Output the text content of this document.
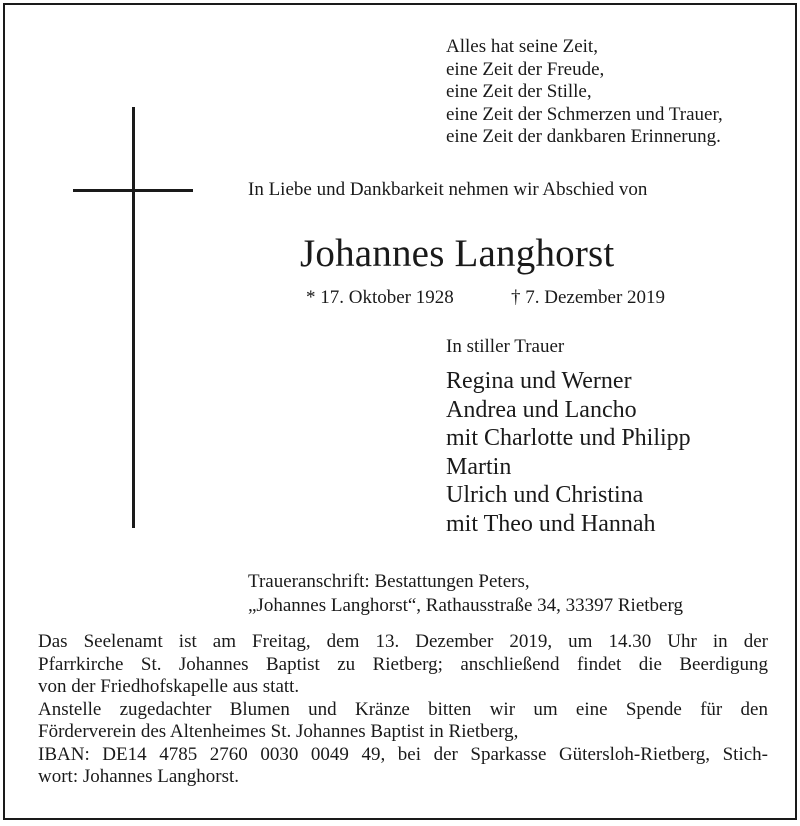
Alles hat seine Zeit,
eine Zeit der Freude,
eine Zeit der Stille,
eine Zeit der Schmerzen und Trauer,
eine Zeit der dankbaren Erinnerung.
In Liebe und Dankbarkeit nehmen wir Abschied von
Johannes Langhorst
* 17. Oktober 1928	† 7. Dezember 2019
In stiller Trauer
Regina und Werner
Andrea und Lancho
mit Charlotte und Philipp
Martin
Ulrich und Christina
mit Theo und Hannah
Traueranschrift: Bestattungen Peters,
„Johannes Langhorst“, Rathausstraße 34, 33397 Rietberg
Das Seelenamt ist am Freitag, dem 13. Dezember 2019, um 14.30 Uhr in der
Pfarrkirche St. Johannes Baptist zu Rietberg; anschließend findet die Beerdigung
von der Friedhofskapelle aus statt.
Anstelle zugedachter Blumen und Kränze bitten wir um eine Spende für den
Förderverein des Altenheimes St. Johannes Baptist in Rietberg,
IBAN: DE14 4785 2760 0030 0049 49, bei der Sparkasse Gütersloh-Rietberg, Stich-
wort: Johannes Langhorst.
